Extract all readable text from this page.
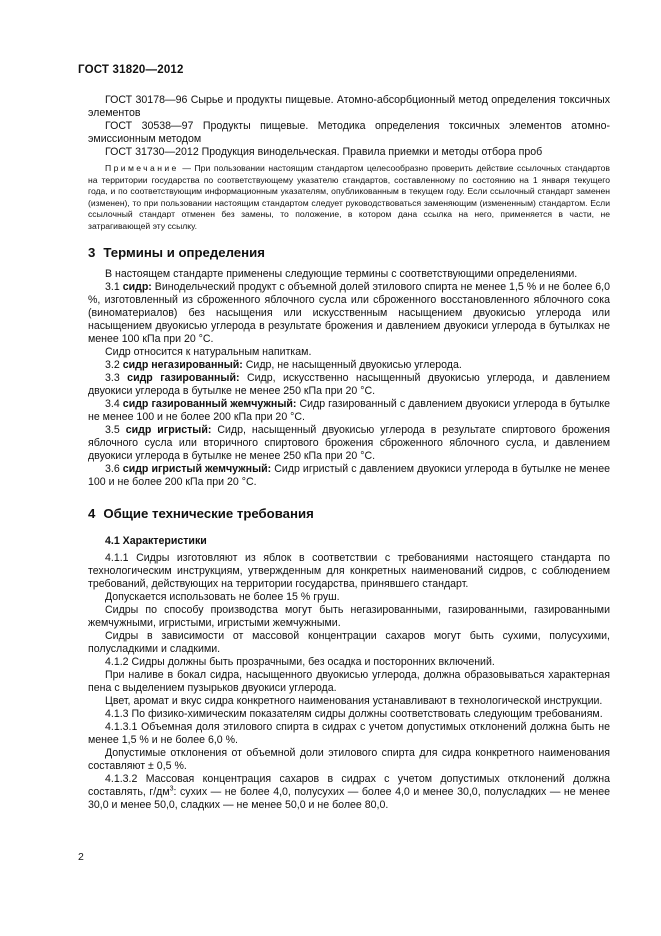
ГОСТ 31820—2012

ГОСТ 30178—96 Сырье и продукты пищевые. Атомно-абсорбционный метод определения токсичных элементов

ГОСТ 30538—97 Продукты пищевые. Методика определения токсичных элементов атомно-эмиссионным методом

ГОСТ 31730—2012 Продукция винодельческая. Правила приемки и методы отбора проб

Примечание — При пользовании настоящим стандартом целесообразно проверить действие ссылочных стандартов на территории государства по соответствующему указателю стандартов, составленному по состоянию на 1 января текущего года, и по соответствующим информационным указателям, опубликованным в текущем году. Если ссылочный стандарт заменен (изменен), то при пользовании настоящим стандартом следует руководствоваться заменяющим (измененным) стандартом. Если ссылочный стандарт отменен без замены, то положение, в котором дана ссылка на него, применяется в части, не затрагивающей эту ссылку.

3 Термины и определения

В настоящем стандарте применены следующие термины с соответствующими определениями.

3.1 сидр: Винодельческий продукт с объемной долей этилового спирта не менее 1,5 % и не более 6,0 %, изготовленный из сброженного яблочного сусла или сброженного восстановленного яблочного сока (виноматериалов) без насыщения или искусственным насыщением двуокисью углерода или насыщением двуокисью углерода в результате брожения и давлением двуокиси углерода в бутылках не менее 100 кПа при 20 °С.

Сидр относится к натуральным напиткам.

3.2 сидр негазированный: Сидр, не насыщенный двуокисью углерода.

3.3 сидр газированный: Сидр, искусственно насыщенный двуокисью углерода, и давлением двуокиси углерода в бутылке не менее 250 кПа при 20 °С.

3.4 сидр газированный жемчужный: Сидр газированный с давлением двуокиси углерода в бутылке не менее 100 и не более 200 кПа при 20 °С.

3.5 сидр игристый: Сидр, насыщенный двуокисью углерода в результате спиртового брожения яблочного сусла или вторичного спиртового брожения сброженного яблочного сусла, и давлением двуокиси углерода в бутылке не менее 250 кПа при 20 °С.

3.6 сидр игристый жемчужный: Сидр игристый с давлением двуокиси углерода в бутылке не менее 100 и не более 200 кПа при 20 °С.

4 Общие технические требования

4.1 Характеристики

4.1.1 Сидры изготовляют из яблок в соответствии с требованиями настоящего стандарта по технологическим инструкциям, утвержденным для конкретных наименований сидров, с соблюдением требований, действующих на территории государства, принявшего стандарт.

Допускается использовать не более 15 % груш.

Сидры по способу производства могут быть негазированными, газированными, газированными жемчужными, игристыми, игристыми жемчужными.

Сидры в зависимости от массовой концентрации сахаров могут быть сухими, полусухими, полусладкими и сладкими.

4.1.2 Сидры должны быть прозрачными, без осадка и посторонних включений.

При наливе в бокал сидра, насыщенного двуокисью углерода, должна образовываться характерная пена с выделением пузырьков двуокиси углерода.

Цвет, аромат и вкус сидра конкретного наименования устанавливают в технологической инструкции.

4.1.3 По физико-химическим показателям сидры должны соответствовать следующим требованиям.

4.1.3.1 Объемная доля этилового спирта в сидрах с учетом допустимых отклонений должна быть не менее 1,5 % и не более 6,0 %.

Допустимые отклонения от объемной доли этилового спирта для сидра конкретного наименования составляют ± 0,5 %.

4.1.3.2 Массовая концентрация сахаров в сидрах с учетом допустимых отклонений должна составлять, $г/дм^3$: сухих — не более 4,0, полусухих — более 4,0 и менее 30,0, полусладких — не менее 30,0 и менее 50,0, сладких — не менее 50,0 и не более 80,0.

2
